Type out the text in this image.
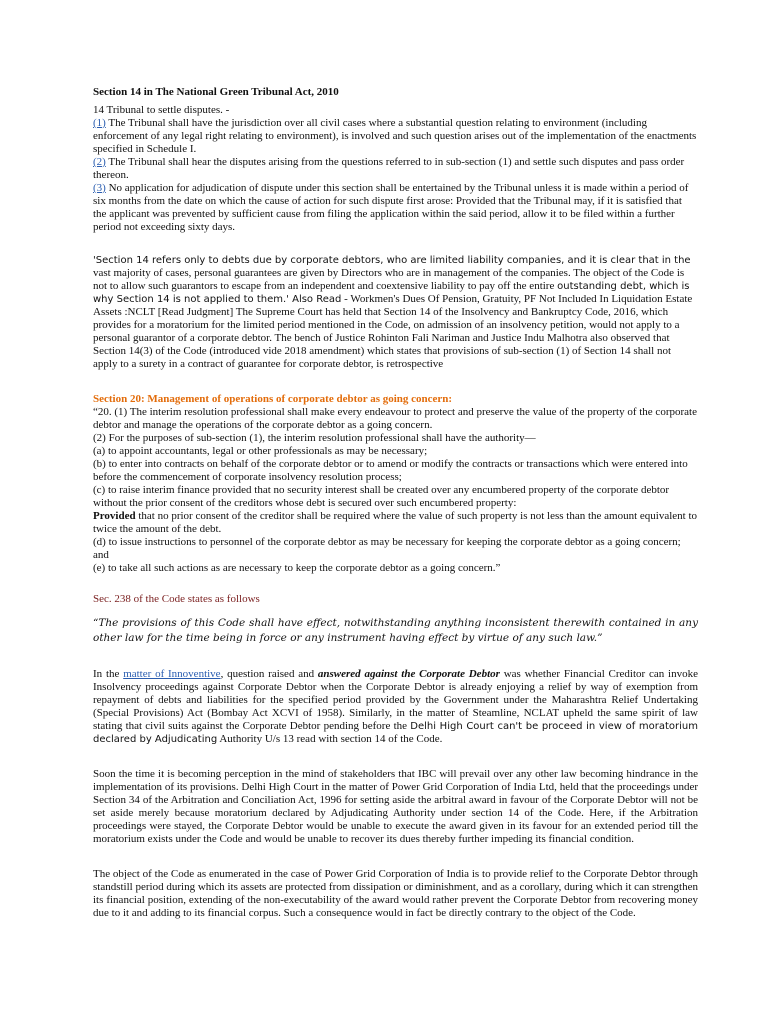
Section 14 in The National Green Tribunal Act, 2010

14 Tribunal to settle disputes. -

(1) The Tribunal shall have the jurisdiction over all civil cases where a substantial question relating to environment (including enforcement of any legal right relating to environment), is involved and such question arises out of the implementation of the enactments specified in Schedule I.

(2) The Tribunal shall hear the disputes arising from the questions referred to in sub-section (1) and settle such disputes and pass order thereon.

(3) No application for adjudication of dispute under this section shall be entertained by the Tribunal unless it is made within a period of six months from the date on which the cause of action for such dispute first arose: Provided that the Tribunal may, if it is satisfied that the applicant was prevented by sufficient cause from filing the application within the said period, allow it to be filed within a further period not exceeding sixty days.

'Section 14 refers only to debts due by corporate debtors, who are limited liability companies, and it is clear that in the vast majority of cases, personal guarantees are given by Directors who are in management of the companies. The object of the Code is not to allow such guarantors to escape from an independent and coextensive liability to pay off the entire outstanding debt, which is why Section 14 is not applied to them.' Also Read - Workmen's Dues Of Pension, Gratuity, PF Not Included In Liquidation Estate Assets :NCLT [Read Judgment] The Supreme Court has held that Section 14 of the Insolvency and Bankruptcy Code, 2016, which provides for a moratorium for the limited period mentioned in the Code, on admission of an insolvency petition, would not apply to a personal guarantor of a corporate debtor. The bench of Justice Rohinton Fali Nariman and Justice Indu Malhotra also observed that Section 14(3) of the Code (introduced vide 2018 amendment) which states that provisions of sub-section (1) of Section 14 shall not apply to a surety in a contract of guarantee for corporate debtor, is retrospective

Section 20: Management of operations of corporate debtor as going concern:

“20. (1) The interim resolution professional shall make every endeavour to protect and preserve the value of the property of the corporate debtor and manage the operations of the corporate debtor as a going concern.

(2) For the purposes of sub-section (1), the interim resolution professional shall have the authority—

(a) to appoint accountants, legal or other professionals as may be necessary;

(b) to enter into contracts on behalf of the corporate debtor or to amend or modify the contracts or transactions which were entered into before the commencement of corporate insolvency resolution process;

(c) to raise interim finance provided that no security interest shall be created over any encumbered property of the corporate debtor without the prior consent of the creditors whose debt is secured over such encumbered property:

Provided that no prior consent of the creditor shall be required where the value of such property is not less than the amount equivalent to twice the amount of the debt.

(d) to issue instructions to personnel of the corporate debtor as may be necessary for keeping the corporate debtor as a going concern; and

(e) to take all such actions as are necessary to keep the corporate debtor as a going concern.”

Sec. 238 of the Code states as follows

“The provisions of this Code shall have effect, notwithstanding anything inconsistent therewith contained in any other law for the time being in force or any instrument having effect by virtue of any such law.”

In the matter of Innoventive, question raised and answered against the Corporate Debtor was whether Financial Creditor can invoke Insolvency proceedings against Corporate Debtor when the Corporate Debtor is already enjoying a relief by way of exemption from repayment of debts and liabilities for the specified period provided by the Government under the Maharashtra Relief Undertaking (Special Provisions) Act (Bombay Act XCVI of 1958). Similarly, in the matter of Steamline, NCLAT upheld the same spirit of law stating that civil suits against the Corporate Debtor pending before the Delhi High Court can't be proceed in view of moratorium declared by Adjudicating Authority U/s 13 read with section 14 of the Code.

Soon the time it is becoming perception in the mind of stakeholders that IBC will prevail over any other law becoming hindrance in the implementation of its provisions. Delhi High Court in the matter of Power Grid Corporation of India Ltd, held that the proceedings under Section 34 of the Arbitration and Conciliation Act, 1996 for setting aside the arbitral award in favour of the Corporate Debtor will not be set aside merely because moratorium declared by Adjudicating Authority under section 14 of the Code. Here, if the Arbitration proceedings were stayed, the Corporate Debtor would be unable to execute the award given in its favour for an extended period till the moratorium exists under the Code and would be unable to recover its dues thereby further impeding its financial condition.

The object of the Code as enumerated in the case of Power Grid Corporation of India is to provide relief to the Corporate Debtor through standstill period during which its assets are protected from dissipation or diminishment, and as a corollary, during which it can strengthen its financial position, extending of the non-executability of the award would rather prevent the Corporate Debtor from recovering money due to it and adding to its financial corpus. Such a consequence would in fact be directly contrary to the object of the Code.
